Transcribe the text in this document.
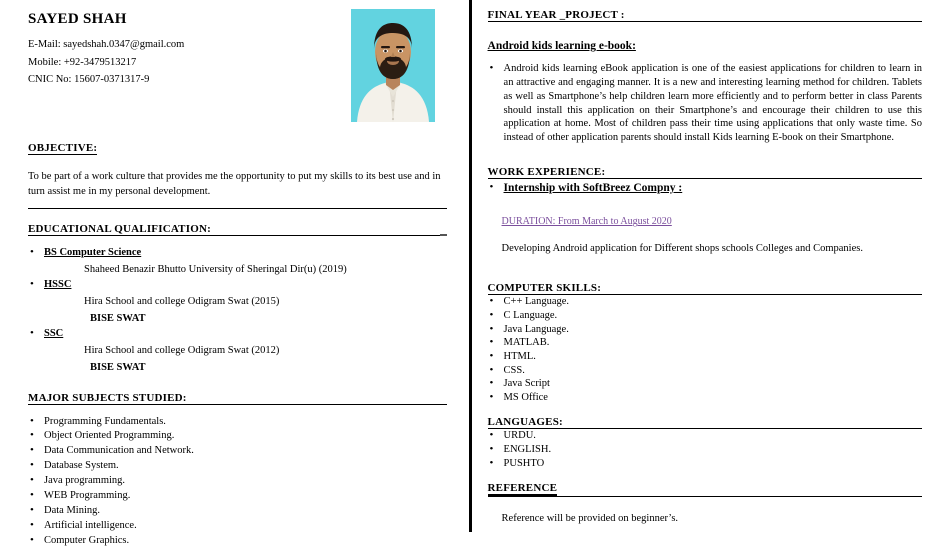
SAYED SHAH
E-Mail: sayedshah.0347@gmail.com
Mobile: +92-3479513217
CNIC No: 15607-0371317-9
OBJECTIVE:

To be part of a work culture that provides me the opportunity to put my skills to its best use and in turn assist me in my personal development.

EDUCATIONAL QUALIFICATION:
• BS Computer Science
Shaheed Benazir Bhutto University of Sheringal Dir(u) (2019)
• HSSC
Hira School and college Odigram Swat (2015)
BISE SWAT
• SSC
Hira School and college Odigram Swat (2012)
BISE SWAT
MAJOR SUBJECTS STUDIED:
• Programming Fundamentals.
• Object Oriented Programming.
• Data Communication and Network.
• Database System.
• Java programming.
• WEB Programming.
• Data Mining.
• Artificial intelligence.
• Computer Graphics.
FINAL YEAR _PROJECT :
Android kids learning e-book:
• Android kids learning eBook application is one of the easiest applications for children to learn in an attractive and engaging manner. It is a new and interesting learning method for children. Tablets as well as Smartphone’s help children learn more efficiently and to perform better in class Parents should install this application on their Smartphone’s and encourage their children to use this application at home. Most of children pass their time using applications that only waste time. So instead of other application parents should install Kids learning E-book on their Smartphone.
WORK EXPERIENCE:
• Internship with SoftBreez Compny :
DURATION: From March to August 2020

Developing Android application for Different shops schools Colleges and Companies.

COMPUTER SKILLS:
• C++ Language.
• C Language.
• Java Language.
• MATLAB.
• HTML.
• CSS.
• Java Script
• MS Office
LANGUAGES:
• URDU.
• ENGLISH.
• PUSHTO
REFERENCE

Reference will be provided on beginner’s.
